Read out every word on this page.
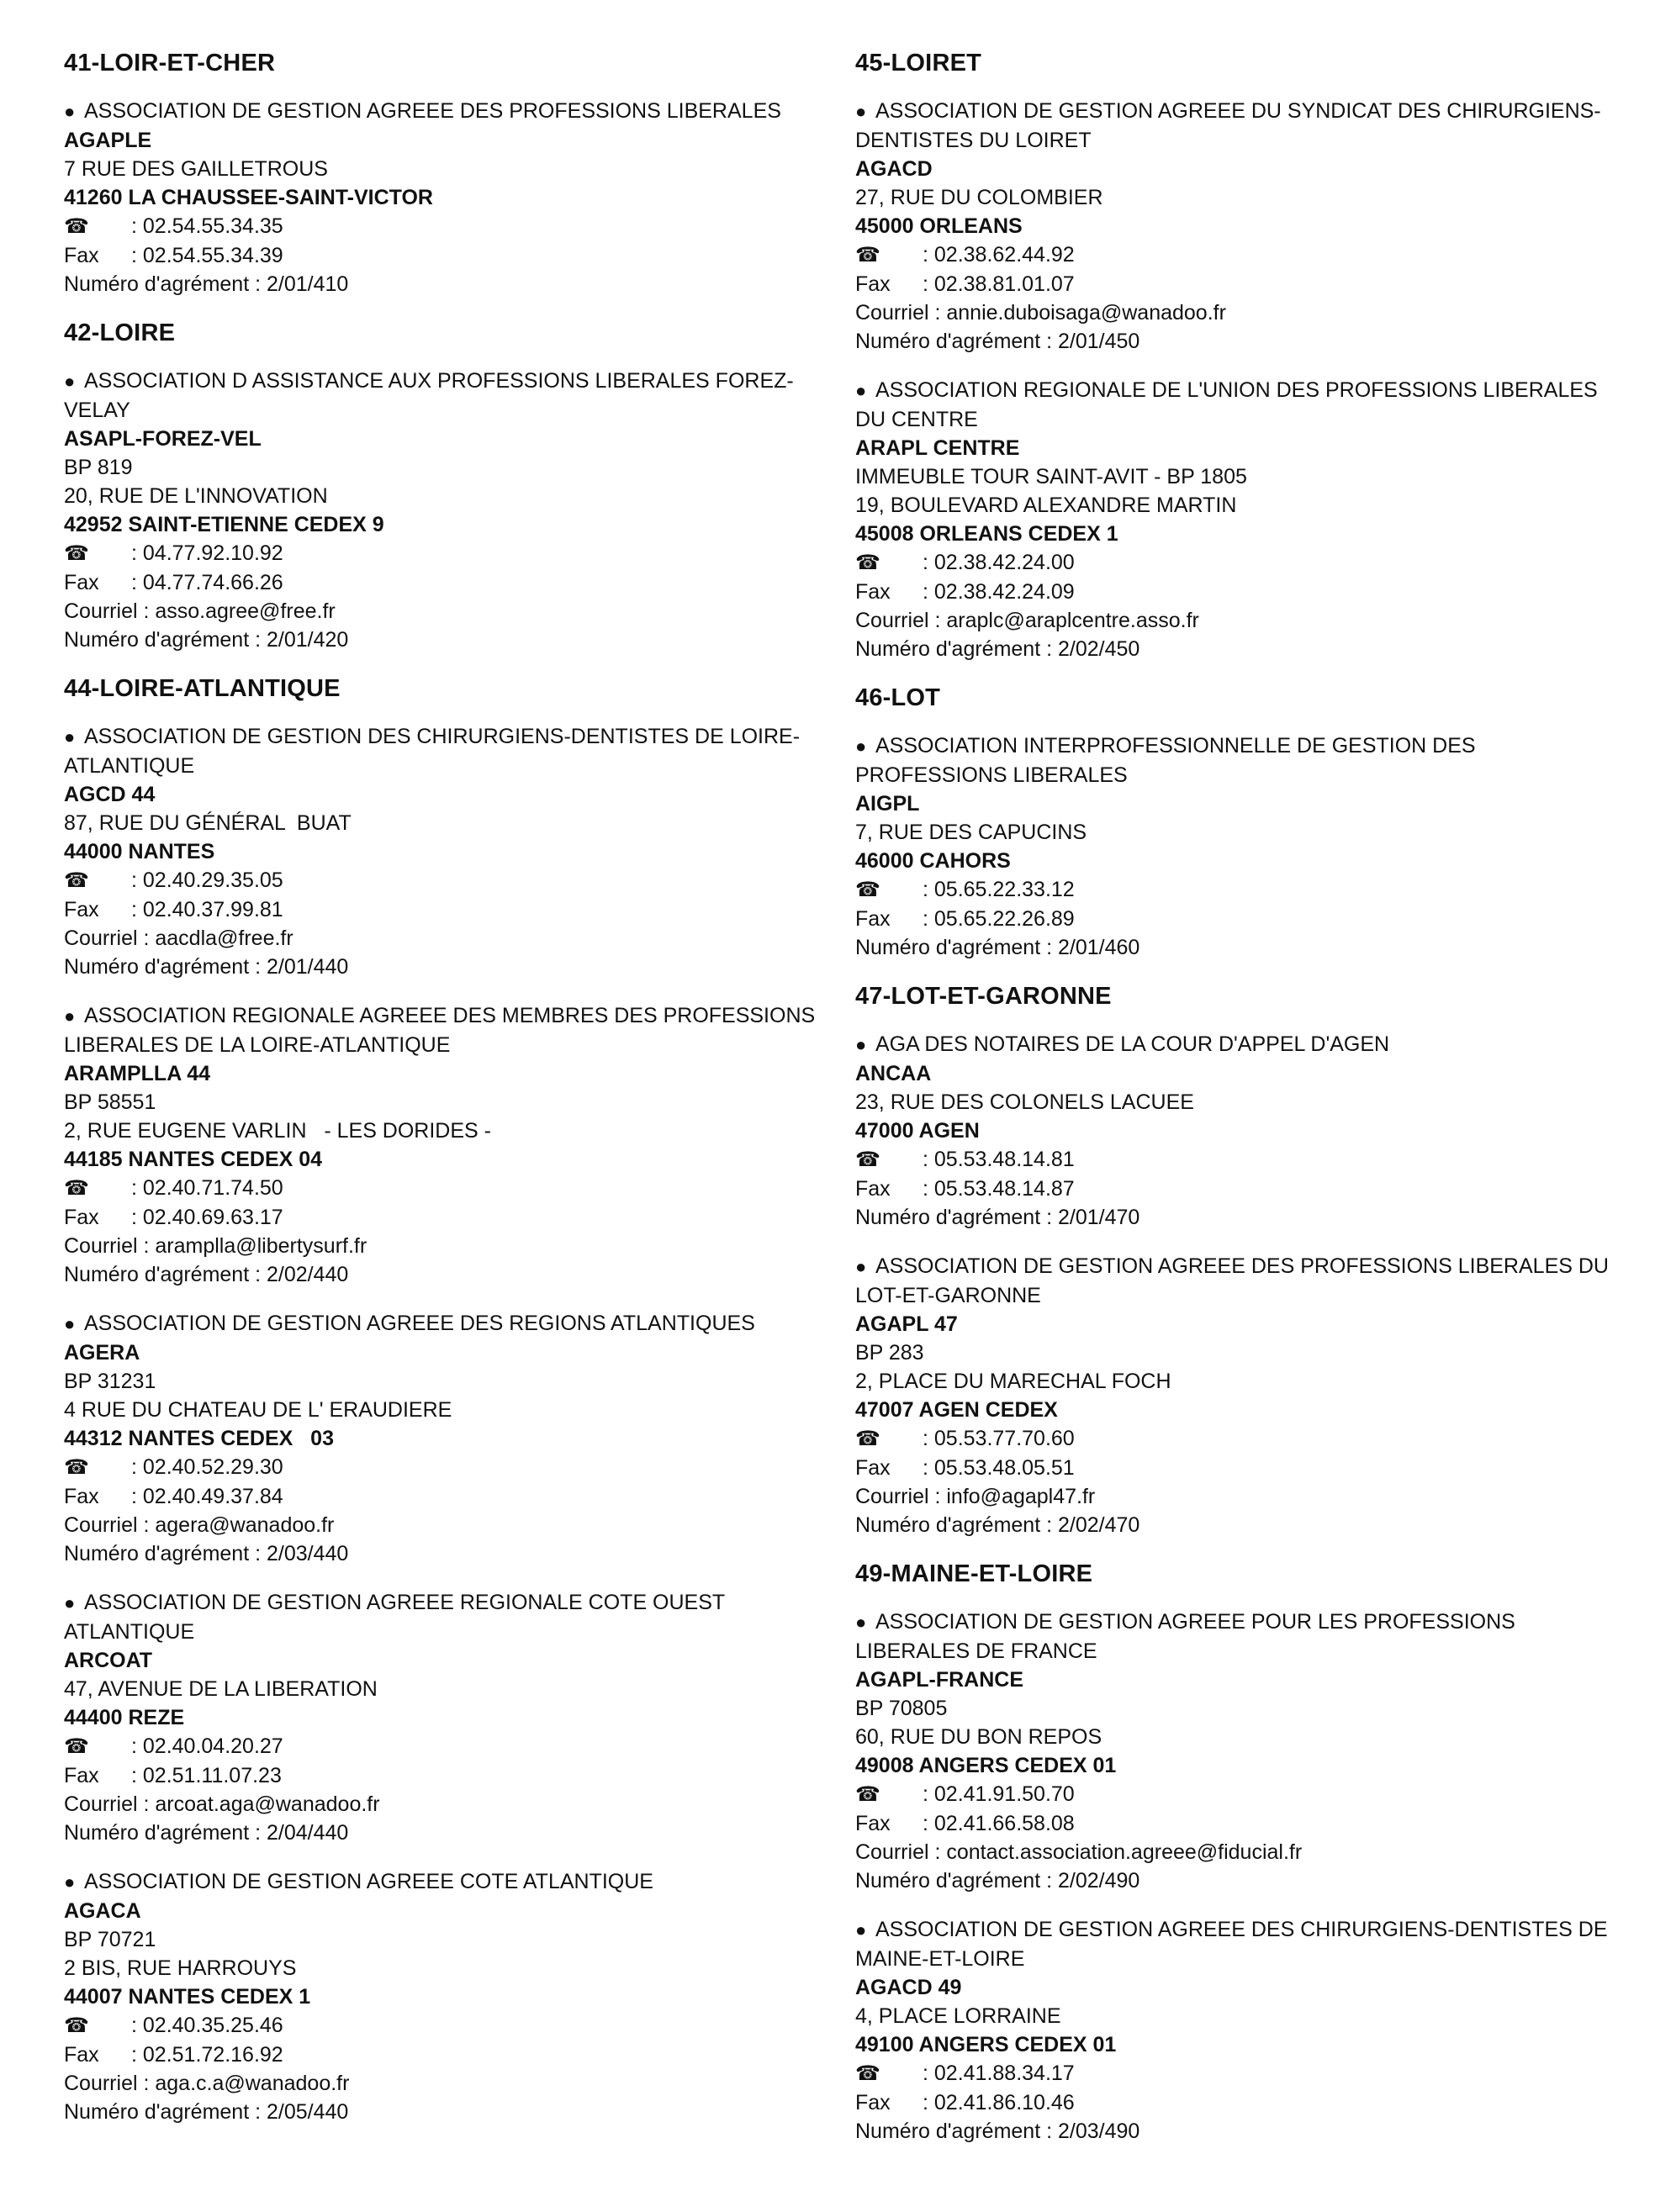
41-LOIR-ET-CHER
● ASSOCIATION DE GESTION AGREEE DES PROFESSIONS LIBERALES
AGAPLE
7 RUE DES GAILLETROUS
41260 LA CHAUSSEE-SAINT-VICTOR
☎ : 02.54.55.34.35
Fax : 02.54.55.34.39
Numéro d'agrément : 2/01/410
42-LOIRE
● ASSOCIATION D ASSISTANCE AUX PROFESSIONS LIBERALES FOREZ-VELAY
ASAPL-FOREZ-VEL
BP 819
20, RUE DE L'INNOVATION
42952 SAINT-ETIENNE CEDEX 9
☎ : 04.77.92.10.92
Fax : 04.77.74.66.26
Courriel : asso.agree@free.fr
Numéro d'agrément : 2/01/420
44-LOIRE-ATLANTIQUE
● ASSOCIATION DE GESTION DES CHIRURGIENS-DENTISTES DE LOIRE-ATLANTIQUE
AGCD 44
87, RUE DU GÉNÉRAL  BUAT
44000 NANTES
☎ : 02.40.29.35.05
Fax : 02.40.37.99.81
Courriel : aacdla@free.fr
Numéro d'agrément : 2/01/440
● ASSOCIATION REGIONALE AGREEE DES MEMBRES DES PROFESSIONS LIBERALES DE LA LOIRE-ATLANTIQUE
ARAMPLLA 44
BP 58551
2, RUE EUGENE VARLIN   - LES DORIDES -
44185 NANTES CEDEX 04
☎ : 02.40.71.74.50
Fax : 02.40.69.63.17
Courriel : aramplla@libertysurf.fr
Numéro d'agrément : 2/02/440
● ASSOCIATION DE GESTION AGREEE DES REGIONS ATLANTIQUES
AGERA
BP 31231
4 RUE DU CHATEAU DE L' ERAUDIERE
44312 NANTES CEDEX   03
☎ : 02.40.52.29.30
Fax : 02.40.49.37.84
Courriel : agera@wanadoo.fr
Numéro d'agrément : 2/03/440
● ASSOCIATION DE GESTION AGREEE REGIONALE COTE OUEST ATLANTIQUE
ARCOAT
47, AVENUE DE LA LIBERATION
44400 REZE
☎ : 02.40.04.20.27
Fax : 02.51.11.07.23
Courriel : arcoat.aga@wanadoo.fr
Numéro d'agrément : 2/04/440
● ASSOCIATION DE GESTION AGREEE COTE ATLANTIQUE
AGACA
BP 70721
2 BIS, RUE HARROUYS
44007 NANTES CEDEX 1
☎ : 02.40.35.25.46
Fax : 02.51.72.16.92
Courriel : aga.c.a@wanadoo.fr
Numéro d'agrément : 2/05/440
45-LOIRET
● ASSOCIATION DE GESTION AGREEE DU SYNDICAT DES CHIRURGIENS-DENTISTES DU LOIRET
AGACD
27, RUE DU COLOMBIER
45000 ORLEANS
☎ : 02.38.62.44.92
Fax : 02.38.81.01.07
Courriel : annie.duboisaga@wanadoo.fr
Numéro d'agrément : 2/01/450
● ASSOCIATION REGIONALE DE L'UNION DES PROFESSIONS LIBERALES DU CENTRE
ARAPL CENTRE
IMMEUBLE TOUR SAINT-AVIT - BP 1805
19, BOULEVARD ALEXANDRE MARTIN
45008 ORLEANS CEDEX 1
☎ : 02.38.42.24.00
Fax : 02.38.42.24.09
Courriel : araplc@araplcentre.asso.fr
Numéro d'agrément : 2/02/450
46-LOT
● ASSOCIATION INTERPROFESSIONNELLE DE GESTION DES PROFESSIONS LIBERALES
AIGPL
7, RUE DES CAPUCINS
46000 CAHORS
☎ : 05.65.22.33.12
Fax : 05.65.22.26.89
Numéro d'agrément : 2/01/460
47-LOT-ET-GARONNE
● AGA DES NOTAIRES DE LA COUR D'APPEL D'AGEN
ANCAA
23, RUE DES COLONELS LACUEE
47000 AGEN
☎ : 05.53.48.14.81
Fax : 05.53.48.14.87
Numéro d'agrément : 2/01/470
● ASSOCIATION DE GESTION AGREEE DES PROFESSIONS LIBERALES DU LOT-ET-GARONNE
AGAPL 47
BP 283
2, PLACE DU MARECHAL FOCH
47007 AGEN CEDEX
☎ : 05.53.77.70.60
Fax : 05.53.48.05.51
Courriel : info@agapl47.fr
Numéro d'agrément : 2/02/470
49-MAINE-ET-LOIRE
● ASSOCIATION DE GESTION AGREEE POUR LES PROFESSIONS LIBERALES DE FRANCE
AGAPL-FRANCE
BP 70805
60, RUE DU BON REPOS
49008 ANGERS CEDEX 01
☎ : 02.41.91.50.70
Fax : 02.41.66.58.08
Courriel : contact.association.agreee@fiducial.fr
Numéro d'agrément : 2/02/490
● ASSOCIATION DE GESTION AGREEE DES CHIRURGIENS-DENTISTES DE MAINE-ET-LOIRE
AGACD 49
4, PLACE LORRAINE
49100 ANGERS CEDEX 01
☎ : 02.41.88.34.17
Fax : 02.41.86.10.46
Numéro d'agrément : 2/03/490
